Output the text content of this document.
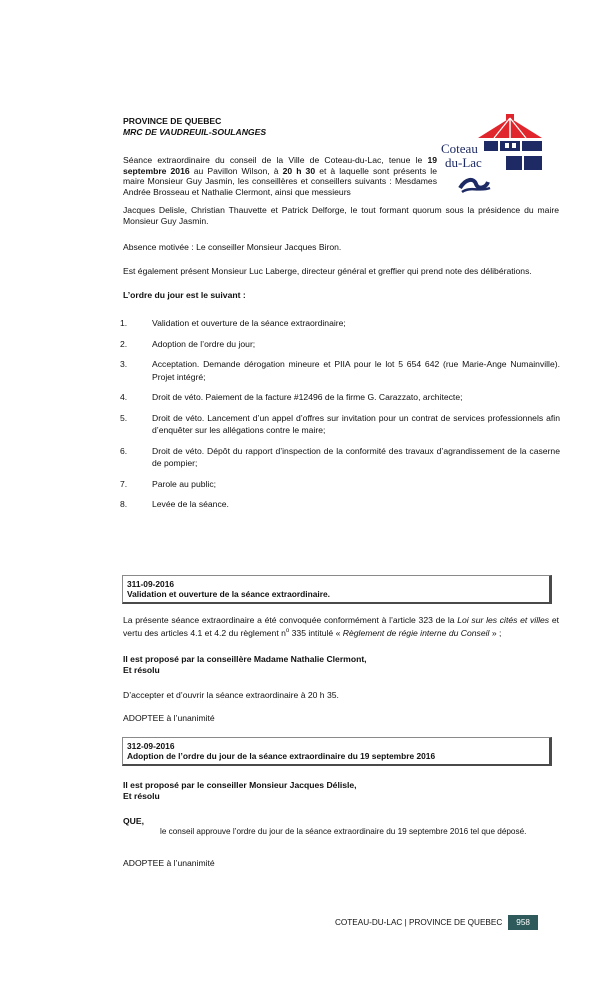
PROVINCE DE QUEBEC
MRC DE VAUDREUIL-SOULANGES
Coteau
du-Lac
Séance extraordinaire du conseil de la Ville de Coteau-du-Lac, tenue le 19 septembre 2016 au Pavillon Wilson, à 20 h 30 et à laquelle sont présents le maire Monsieur Guy Jasmin, les conseillères et conseillers suivants : Mesdames Andrée Brosseau et Nathalie Clermont, ainsi que messieurs
Jacques Delisle, Christian Thauvette et Patrick Delforge, le tout formant quorum sous la présidence du maire Monsieur Guy Jasmin.
Absence motivée : Le conseiller Monsieur Jacques Biron.
Est également présent Monsieur Luc Laberge, directeur général et greffier qui prend note des délibérations.
L’ordre du jour est le suivant :
1.	Validation et ouverture de la séance extraordinaire;
2.	Adoption de l’ordre du jour;
3.	Acceptation. Demande dérogation mineure et PIIA pour le lot 5 654 642 (rue Marie-Ange Numainville). Projet intégré;
4.	Droit de véto. Paiement de la facture #12496 de la firme G. Carazzato, architecte;
5.	Droit de véto. Lancement d’un appel d’offres sur invitation pour un contrat de services professionnels afin d’enquêter sur les allégations contre le maire;
6.	Droit de véto. Dépôt du rapport d’inspection de la conformité des travaux d’agrandissement de la caserne de pompier;
7.	Parole au public;
8.	Levée de la séance.
311-09-2016
Validation et ouverture de la séance extraordinaire.
La présente séance extraordinaire a été convoquée conformément à l’article 323 de la Loi sur les cités et villes et vertu des articles 4.1 et 4.2 du règlement $n^o$ 335 intitulé « Règlement de régie interne du Conseil » ;
Il est proposé par la conseillère Madame Nathalie Clermont,
Et résolu
D’accepter et d’ouvrir la séance extraordinaire à 20 h 35.
ADOPTEE à l’unanimité
312-09-2016
Adoption de l’ordre du jour de la séance extraordinaire du 19 septembre 2016
Il est proposé par le conseiller Monsieur Jacques Délisle,
Et résolu
QUE,
le conseil approuve l’ordre du jour de la séance extraordinaire du 19 septembre 2016 tel que déposé.
ADOPTEE à l’unanimité
COTEAU-DU-LAC | PROVINCE DE QUEBEC	958
